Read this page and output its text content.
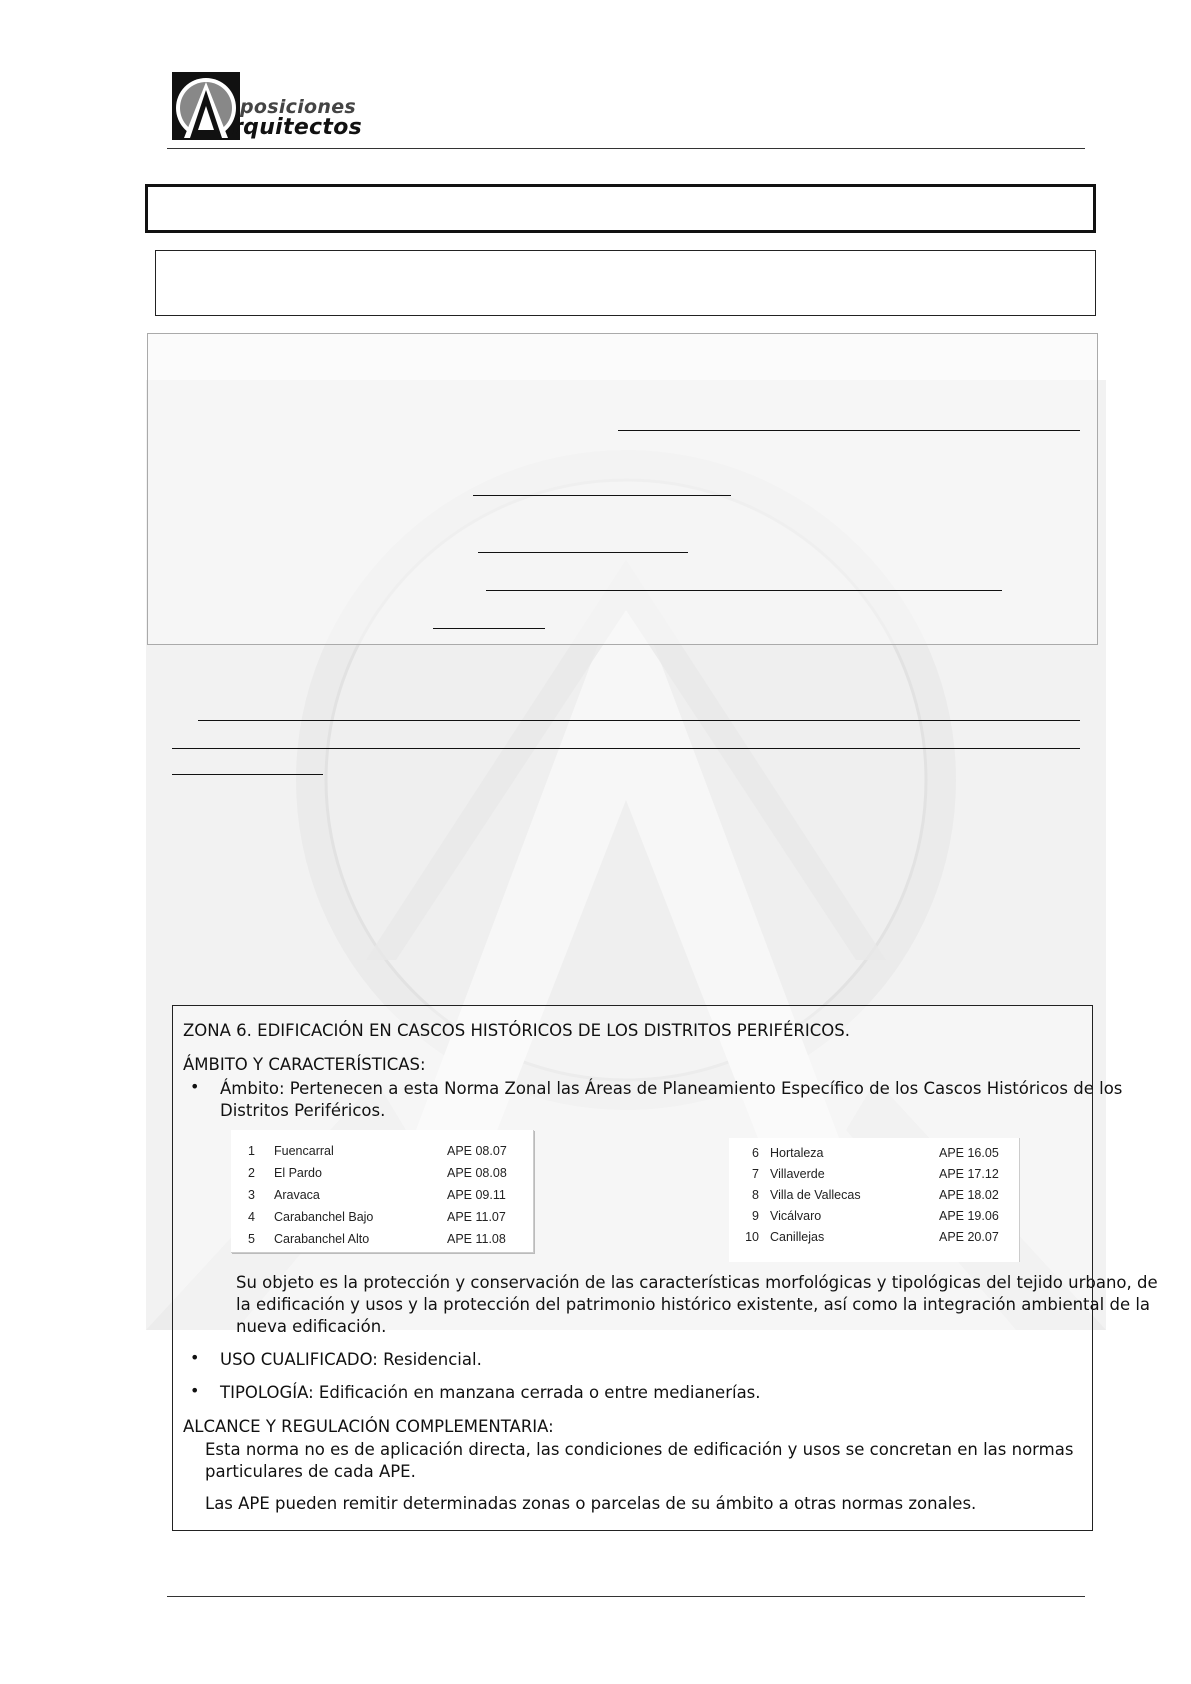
posiciones
rquitectos
ZONA 6. EDIFICACIÓN EN CASCOS HISTÓRICOS DE LOS DISTRITOS PERIFÉRICOS.
ÁMBITO Y CARACTERÍSTICAS:
• Ámbito: Pertenecen a esta Norma Zonal las Áreas de Planeamiento Específico de los Cascos Históricos de los
Distritos Periféricos.
1 Fuencarral	APE 08.07
2 El Pardo	APE 08.08
3 Aravaca	APE 09.11
4 Carabanchel Bajo	APE 11.07
5 Carabanchel Alto	APE 11.08
6 Hortaleza	APE 16.05
7 Villaverde	APE 17.12
8 Villa de Vallecas	APE 18.02
9 Vicálvaro	APE 19.06
10 Canillejas	APE 20.07
Su objeto es la protección y conservación de las características morfológicas y tipológicas del tejido urbano, de
la edificación y usos y la protección del patrimonio histórico existente, así como la integración ambiental de la
nueva edificación.
• USO CUALIFICADO: Residencial.
• TIPOLOGÍA: Edificación en manzana cerrada o entre medianerías.
ALCANCE Y REGULACIÓN COMPLEMENTARIA:
Esta norma no es de aplicación directa, las condiciones de edificación y usos se concretan en las normas
particulares de cada APE.
Las APE pueden remitir determinadas zonas o parcelas de su ámbito a otras normas zonales.
